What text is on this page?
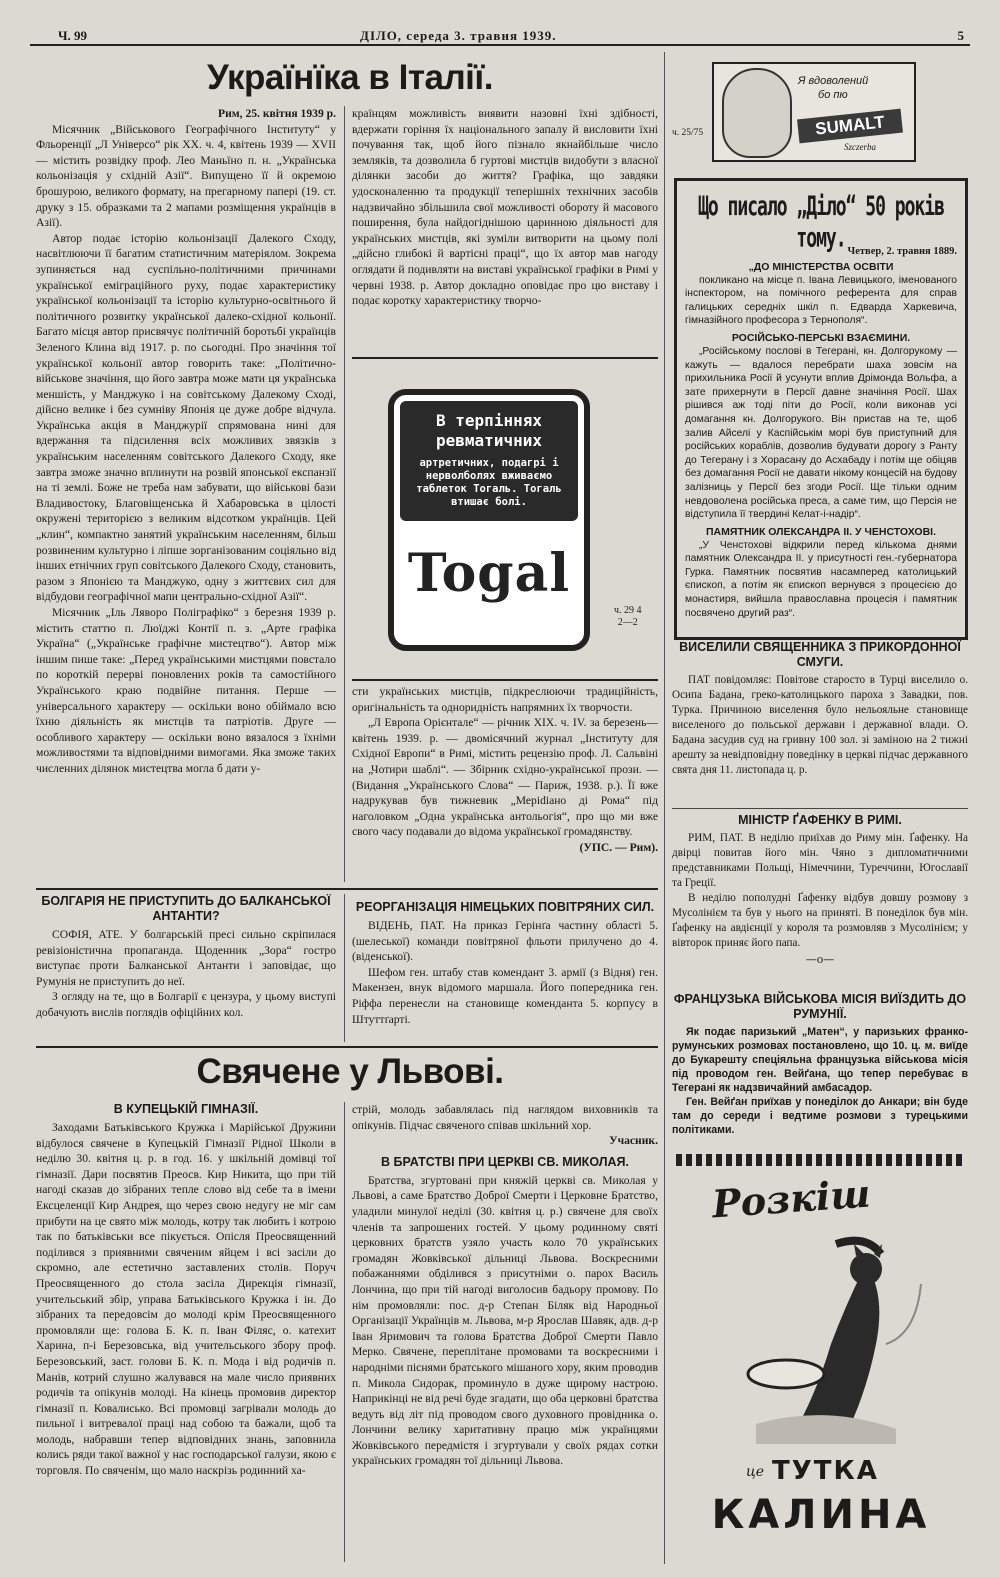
Ч. 99	ДІЛО, середа 3. травня 1939.	5
Українїка в Італії.
Рим, 25. квітня 1939 р.

Місячник „Військового Географічного Інституту“ у Фльоренції „Л Універсо“ рік ХХ. ч. 4, квітень 1939 — XVII — містить розвідку проф. Лео Маньїно п. н. „Українська кольонізація у східній Азії“. Випущено її й окремою брошурою, великого формату, на прегарному папері (19. ст. друку з 15. образками та 2 мапами розміщення українців в Азії).

Автор подає історію кольонізації Далекого Сходу, насвітлюючи її багатим статистичним матеріялом. Зокрема зупиняється над суспільно-політичними причинами української еміграційного руху, подає характеристику української кольонізації та історію культурно-освітнього й політичного розвитку української далеко-східної кольонії. Багато місця автор присвячує політичній боротьбі українців Зеленого Клина від 1917. р. по сьогодні. Про значіння тої української кольонії автор говорить таке: „Політично-військове значіння, що його завтра може мати ця українська меншість, у Манджуко і на совітському Далекому Сході, дійсно велике і без сумніву Японія це дуже добре відчула. Українська акція в Манджурії спрямована нині для вдержання та підсилення всіх можливих звязків з українським населенням совітського Далекого Сходу, яке завтра зможе значно вплинути на розвій японської експанзії на ті землі. Боже не треба нам забувати, що військові бази Владивостоку, Благовіщенська й Хабаровська в цілості окружені територією з великим відсотком українців. Цей „клин“, компактно занятий українським населенням, більш розвиненим культурно і ліпше зорганізованим соціяльно від інших етнічних груп совітського Далекого Сходу, становить, разом з Японією та Манджуко, одну з життєвих сил для відбудови географічної мапи центрально-східної Азії“.

Місячник „Іль Лявoро Поліграфіко“ з березня 1939 р. містить статтю п. Люїджі Контії п. з. „Арте графіка Україна“ („Українське графічне мистецтво“). Автор між іншим пише таке: „Перед українськими мистцями повстало по короткій перерві поновлених років та самостійного Українського краю подвійне питання. Перше — універсального характеру — оскільки воно обіймало всю їхню діяльність як мистців та патріотів. Друге — особливого характеру — оскільки воно вязалося з їхніми можливостями та відповідними вимогами. Яка зможе таких численних ділянок мистецтва могла б дати у-

країнцям можливість виявити назовні їхні здібності, вдержати горіння їх національного запалу й висловити їхні почування так, щоб його пізнало якнайбільше число земляків, та дозволила б гуртові мистців видобути з власної ділянки засоби до життя? Графіка, що завдяки удосконаленню та продукції теперішніх технічних засобів надзвичайно збільшила свої можливості обороту й масового поширення, була найдогіднішою царинною діяльності для українських мистців, які зуміли витворити на цьому полі „дійсно глибокі й вартісні праці“, що їх автор мав нагоду оглядати й подивляти на виставі української графіки в Римі у червні 1938. р. Автор докладно оповідає про цю виставу і подає коротку характеристику творчо-

В терпіннях
ревматичних
артретичних, подагрі і нерволболях вживаємо таблеток Тогаль. Тогаль втишає болі.
Togal
ч. 29 4
2—2

сти українських мистців, підкреслюючи традиційність, оригінальність та одноридність напрямних їх творчости.

„Л Европа Орієнтале“ — річник XIX. ч. IV. за березень—квітень 1939. р. — двомісячний журнал „Інституту для Східної Европи“ в Римі, містить рецензію проф. Л. Сальвіні на „Чотири шаблі“. — Збірник східно-української прози. — (Видання „Українського Слова“ — Париж, 1938. р.). Її вже надрукував був тижневик „Меріdiано ді Рома“ під наголовком „Одна українська антольогія“, про що ми вже свого часу подавали до відома української громадянству.

(УПС. — Рим).
БОЛГАРІЯ НЕ ПРИСТУПИТЬ ДО БАЛКАНСЬКОЇ АНТАНТИ?

СОФІЯ, АТЕ. У болгарській пресі сильно скріпилася ревізіоністична пропаганда. Щоденник „Зора“ гостро виступає проти Балканської Антанти і заповідає, що Румунія не приступить до неї.

З огляду на те, що в Болгарії є цензура, у цьому виступі добачують вислів поглядів офіційних кол.

РЕОРГАНІЗАЦІЯ НІМЕЦЬКИХ ПОВІТРЯНИХ СИЛ.

ВІДЕНЬ, ПАТ. На приказ Герінґа частину області 5. (шелеської) команди повітряної фльоти прилучено до 4. (віденської).

Шефом ген. штабу став комендант 3. армії (з Відня) ген. Макензен, внук відомого маршала. Його попередника ген. Ріффа перенесли на становище коменданта 5. корпусу в Штуттґарті.

Свячене у Львові.
В КУПЕЦЬКІЙ ГІМНАЗІЇ.

Заходами Батьківського Кружка і Марійської Дружини відбулося свячене в Купецькій Гімназії Рідної Школи в неділю 30. квітня ц. р. в год. 16. у шкільній домівці тої гімназії. Дари посвятив Преосв. Кир Никита, що при тій нагоді сказав до зібраних тепле слово від себе та в імени Ексцеленції Кир Андрея, що через свою недугу не міг сам прибути на це свято між молодь, котру так любить і котрою так по батьківськи все пікується. Опісля Преосвященний поділився з приявними свяченим яйцем і всі засіли до скромно, але естетично заставлених столів. Поруч Преосвященного до стола засіла Дирекція гімназії, учительський збір, управа Батьківського Кружка і ін. До зібраних та передовсім до молоді крім Преосвященного промовляли ще: голова Б. К. п. Іван Філяс, о. катехит Харина, п-і Березовська, від учительського збору проф. Березовський, заст. голови Б. К. п. Мода і від родичів п. Манів, котрий слушно жалувався на мале число приявних родичів та опікунів молоді. На кінець промовив директор гімназії п. Ковалисько. Всі промовці загрівали молодь до пильної і витревалої праці над собою та бажали, щоб та молодь, набравши тепер відповідних знань, заповнила колись ряди такої важної у нас господарської галузи, якою є торговля. По свяченім, що мало наскрізь родинний ха-

стрій, молодь забавлялась під наглядом виховників та опікунів. Підчас свяченого співав шкільний хор.

Учасник.
В БРАТСТВІ ПРИ ЦЕРКВІ СВ. МИКОЛАЯ.

Братства, згуртовані при княжій церкві св. Миколая у Львові, а саме Братство Доброї Смерти і Церковне Братство, уладили минулої неділі (30. квітня ц. р.) свячене для своїх членів та запрошених гостей. У цьому родинному святі церковних братств узяло участь коло 70 українських громадян Жовківської дільниці Львова. Воскресними побажаннями обділився з присутніми о. парох Василь Лончина, що при тій нагоді виголосив бадьору промову. По нім промовляли: пос. д-р Степан Біляк від Народньої Організації Українців м. Львова, м-р Ярослав Шавяк, адв. д-р Іван Яримович та голова Братства Доброї Смерти Павло Мерко. Свячене, перeплітане промовами та воскресними і народніми піснями братського мішаного хору, яким проводив п. Микола Сидорак, проминуло в дуже щирому настрою. Наприкінці не від речі буде згадати, що оба церковні братства ведуть від літ під проводом свого духовного провідника о. Лончини велику харитативну працю між українцями Жовківського передмістя і згуртували у своїх рядах сотки українських громадян тої дільниці Львова.

Я вдоволений
бо пю
SUMALT
Szczerba
ч. 25/75
Що писало „Діло“ 50 років тому. Четвер, 2. травня 1889.
„ДО МІНІСТЕРСТВА ОСВІТИ

покликано на місце п. Івана Левицького, іменованого інспектором, на помічного референта для справ галицьких середніх шкіл п. Едварда Харкевича, гімназійного професора з Тернополя“.

РОСІЙСЬКО-ПЕРСЬКІ ВЗАЄМИНИ.

„Російському послові в Тегерані, кн. Долгорукому — кажуть — вдалося перебрати шаха зовсім на прихильника Росії й усунути вплив Дрімонда Вольфа, а зате прихернути в Персії давне значіння Росії. Шах рішився аж тоді піти до Росії, коли виконав усі домагання кн. Долгорукого. Він пристав на те, щоб залив Айселі у Каспійськім морі був приступний для російських кораблів, дозволив будувати дорогу з Ранту до Тегерану і з Хорасану до Асхабаду і потім ще обіцяв без домагання Росії не давати нікому концесій на будову залізниць у Персії без згоди Росії. Ще тільки одним невдоволена російська преса, а саме тим, що Персія не відступила її твердині Келат-і-надір“.

ПАМЯТНИК ОЛЕКСАНДРА II. У ЧЕНСТОХОВІ.

„У Ченстохові відкрили перед кількома днями памятник Олександра II. у присутності ген.-губернатора Гурка. Памятник посвятив насамперед католицький єпископ, а потім як єпископ вернувся з процесією до монастиря, вийшла православна процесія і памятник посвячено другий раз“.

ВИСЕЛИЛИ СВЯЩЕННИКА З ПРИКОРДОННОЇ СМУГИ.

ПАТ повідомляє: Повітове старосто в Турці виселило о. Осипа Бадана, греко-католицького пароха з Завадки, пов. Турка. Причиною виселення було нельояльне становище виселеного до польської держави і державної влади. О. Бадана засудив суд на гривну 100 зол. зі заміною на 2 тижні арешту за невідповідну поведінку в церкві підчас державного свята дня 11. листопада ц. р.

МІНІСТР ҐАФЕНКУ В РИМІ.

РИМ, ПАТ. В неділю приїхав до Риму мін. Ґафенку. На двірці повитав його мін. Чяно з дипломатичними представниками Польщі, Німеччини, Туреччини, Югославії та Греції.

В неділю пополудні Ґафенку відбув довшу розмову з Мусолінієм та був у нього на приняті. В понеділок був мін. Ґафенку на авдієнції у короля та розмовляв з Мусолінієм; у вівторок приняє його папа.

—о—
ФРАНЦУЗЬКА ВІЙСЬКОВА МІСІЯ ВИЇЗДИТЬ ДО РУМУНІЇ.

Як подає паризький „Матен“, у паризьких франко-румунських розмовах постановлено, що 10. ц. м. виїде до Букарешту спеціяльна французька військова місія під проводом ген. Вейґана, що тепер перебуває в Тегерані як надзвичайний амбасадор.

Ген. Вейґан приїхав у понеділок до Анкари; він буде там до середи і ведтиме розмови з турецькими політиками.

Розкіш
це ТУТКА
КАЛИНА
